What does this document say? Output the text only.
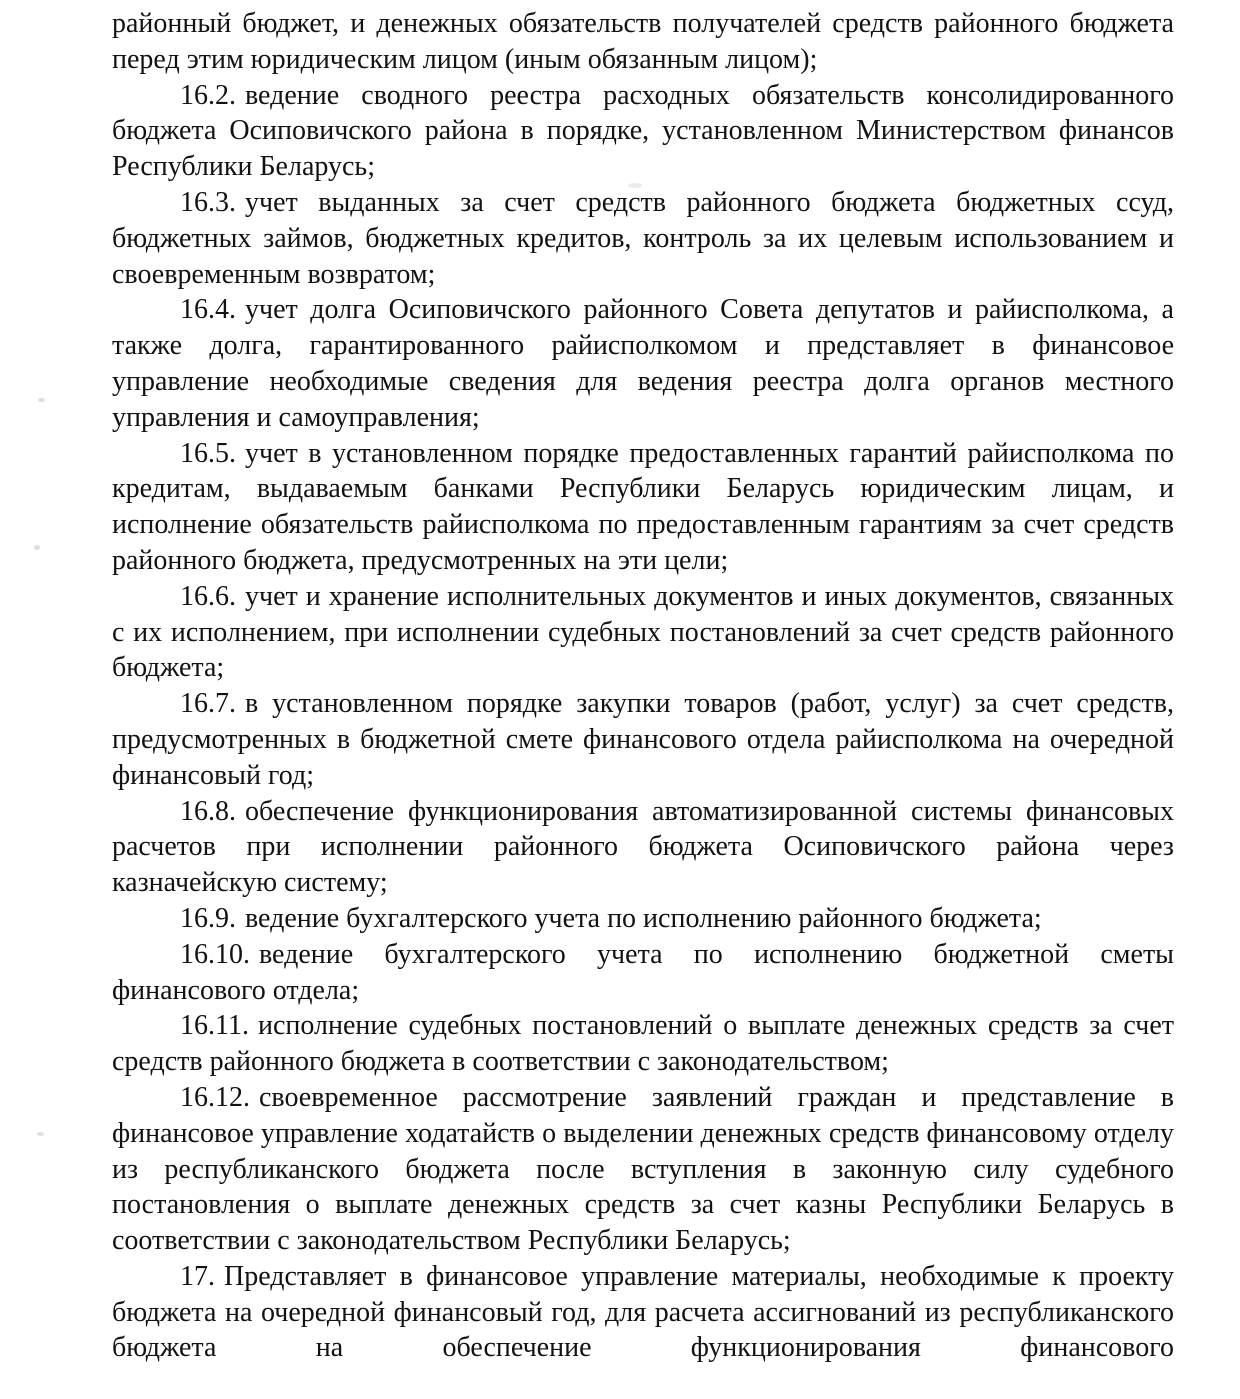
районный бюджет, и денежных обязательств получателей средств районного бюджета перед этим юридическим лицом (иным обязанным лицом);

16.2. ведение сводного реестра расходных обязательств консолидированного бюджета Осиповичского района в порядке, установленном Министерством финансов Республики Беларусь;

16.3. учет выданных за счет средств районного бюджета бюджетных ссуд, бюджетных займов, бюджетных кредитов, контроль за их целевым использованием и своевременным возвратом;

16.4. учет долга Осиповичского районного Совета депутатов и райисполкома, а также долга, гарантированного райисполкомом и представляет в финансовое управление необходимые сведения для ведения реестра долга органов местного управления и самоуправления;

16.5. учет в установленном порядке предоставленных гарантий райисполкома по кредитам, выдаваемым банками Республики Беларусь юридическим лицам, и исполнение обязательств райисполкома по предоставленным гарантиям за счет средств районного бюджета, предусмотренных на эти цели;

16.6. учет и хранение исполнительных документов и иных документов, связанных с их исполнением, при исполнении судебных постановлений за счет средств районного бюджета;

16.7. в установленном порядке закупки товаров (работ, услуг) за счет средств, предусмотренных в бюджетной смете финансового отдела райисполкома на очередной финансовый год;

16.8. обеспечение функционирования автоматизированной системы финансовых расчетов при исполнении районного бюджета Осиповичского района через казначейскую систему;

16.9. ведение бухгалтерского учета по исполнению районного бюджета;

16.10. ведение бухгалтерского учета по исполнению бюджетной сметы финансового отдела;

16.11. исполнение судебных постановлений о выплате денежных средств за счет средств районного бюджета в соответствии с законодательством;

16.12. своевременное рассмотрение заявлений граждан и представление в финансовое управление ходатайств о выделении денежных средств финансовому отделу из республиканского бюджета после вступления в законную силу судебного постановления о выплате денежных средств за счет казны Республики Беларусь в соответствии с законодательством Республики Беларусь;

17. Представляет в финансовое управление материалы, необходимые к проекту бюджета на очередной финансовый год, для расчета ассигнований из республиканского бюджета на обеспечение функционирования финансового
